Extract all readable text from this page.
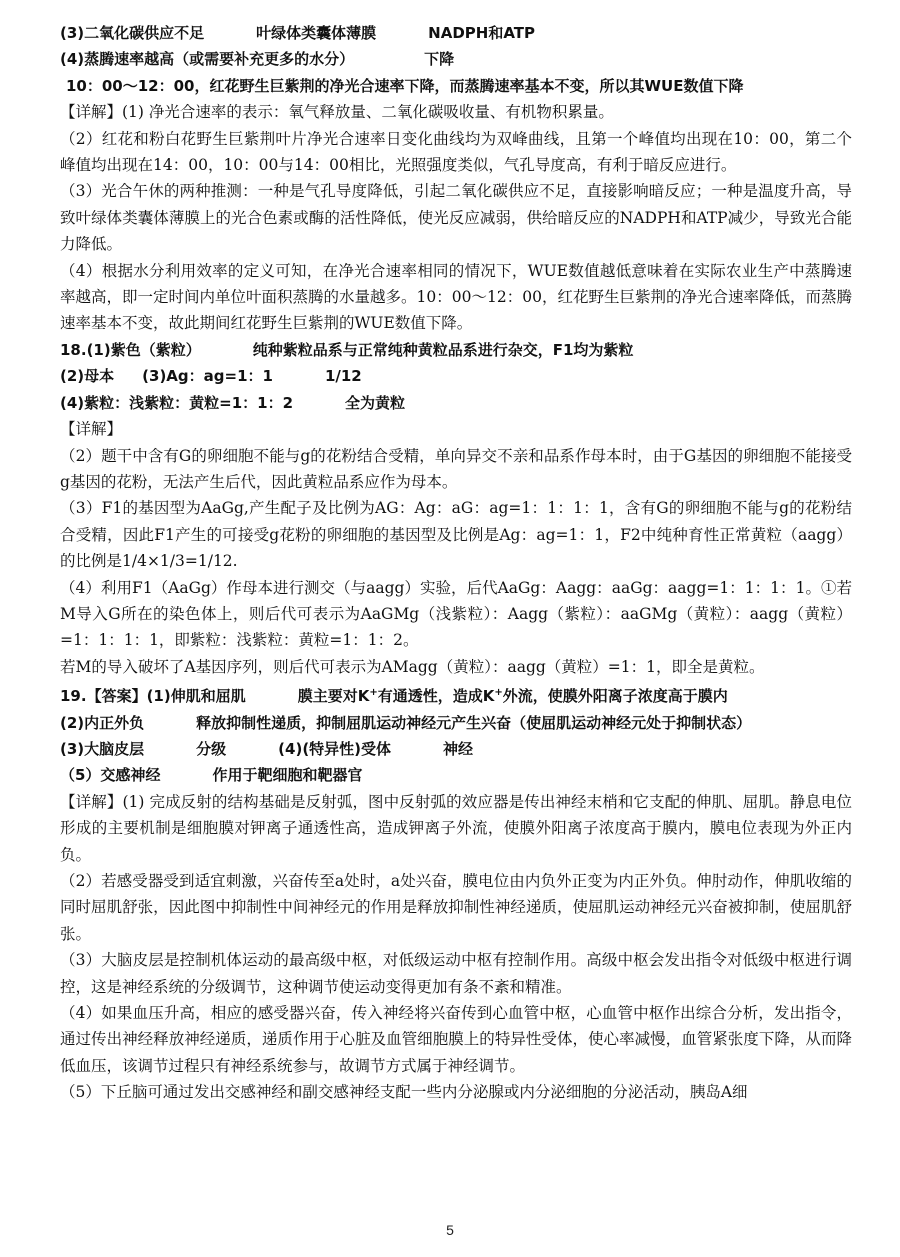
(3)二氧化碳供应不足	叶绿体类囊体薄膜	NADPH和ATP
(4)蒸腾速率越高（或需要补充更多的水分）	下降
10：00～12：00，红花野生巨紫荆的净光合速率下降，而蒸腾速率基本不变，所以其WUE数值下降

【详解】(1) 净光合速率的表示：氧气释放量、二氧化碳吸收量、有机物积累量。

（2）红花和粉白花野生巨紫荆叶片净光合速率日变化曲线均为双峰曲线，且第一个峰值均出现在10：00，第二个峰值均出现在14：00，10：00与14：00相比，光照强度类似，气孔导度高，有利于暗反应进行。

（3）光合午休的两种推测：一种是气孔导度降低，引起二氧化碳供应不足，直接影响暗反应；一种是温度升高，导致叶绿体类囊体薄膜上的光合色素或酶的活性降低，使光反应减弱，供给暗反应的NADPH和ATP减少，导致光合能力降低。

（4）根据水分利用效率的定义可知，在净光合速率相同的情况下，WUE数值越低意味着在实际农业生产中蒸腾速率越高，即一定时间内单位叶面积蒸腾的水量越多。10：00～12：00，红花野生巨紫荆的净光合速率降低，而蒸腾速率基本不变，故此期间红花野生巨紫荆的WUE数值下降。

18.(1)紫色（紫粒）	纯种紫粒品系与正常纯种黄粒品系进行杂交，F1均为紫粒
(2)母本 (3)Ag：ag=1：1	1/12
(4)紫粒：浅紫粒：黄粒=1：1：2	全为黄粒
【详解】

（2）题干中含有G的卵细胞不能与g的花粉结合受精，单向异交不亲和品系作母本时，由于G基因的卵细胞不能接受g基因的花粉，无法产生后代，因此黄粒品系应作为母本。

（3）F1的基因型为AaGg,产生配子及比例为AG：Ag：aG：ag=1：1：1：1，含有G的卵细胞不能与g的花粉结合受精，因此F1产生的可接受g花粉的卵细胞的基因型及比例是Ag：ag=1：1，F2中纯种育性正常黄粒（aagg）的比例是1/4×1/3=1/12.

（4）利用F1（AaGg）作母本进行测交（与aagg）实验，后代AaGg：Aagg：aaGg：aagg=1：1：1：1。①若M导入G所在的染色体上，则后代可表示为AaGMg（浅紫粒）：Aagg（紫粒）：aaGMg（黄粒）：aagg（黄粒）=1：1：1：1，即紫粒：浅紫粒：黄粒=1：1：2。

若M的导入破坏了A基因序列，则后代可表示为AMagg（黄粒）：aagg（黄粒）=1：1，即全是黄粒。

19.【答案】(1)伸肌和屈肌	膜主要对K+有通透性，造成K+外流，使膜外阳离子浓度高于膜内
(2)内正外负	释放抑制性递质，抑制屈肌运动神经元产生兴奋（使屈肌运动神经元处于抑制状态）
(3)大脑皮层	分级	(4)(特异性)受体	神经
（5）交感神经	作用于靶细胞和靶器官

【详解】(1) 完成反射的结构基础是反射弧，图中反射弧的效应器是传出神经末梢和它支配的伸肌、屈肌。静息电位形成的主要机制是细胞膜对钾离子通透性高，造成钾离子外流，使膜外阳离子浓度高于膜内，膜电位表现为外正内负。

（2）若感受器受到适宜刺激，兴奋传至a处时，a处兴奋，膜电位由内负外正变为内正外负。伸肘动作，伸肌收缩的同时屈肌舒张，因此图中抑制性中间神经元的作用是释放抑制性神经递质，使屈肌运动神经元兴奋被抑制，使屈肌舒张。

（3）大脑皮层是控制机体运动的最高级中枢，对低级运动中枢有控制作用。高级中枢会发出指令对低级中枢进行调控，这是神经系统的分级调节，这种调节使运动变得更加有条不紊和精准。

（4）如果血压升高，相应的感受器兴奋，传入神经将兴奋传到心血管中枢，心血管中枢作出综合分析，发出指令，通过传出神经释放神经递质，递质作用于心脏及血管细胞膜上的特异性受体，使心率减慢，血管紧张度下降，从而降低血压，该调节过程只有神经系统参与，故调节方式属于神经调节。

（5）下丘脑可通过发出交感神经和副交感神经支配一些内分泌腺或内分泌细胞的分泌活动，胰岛A细

5
